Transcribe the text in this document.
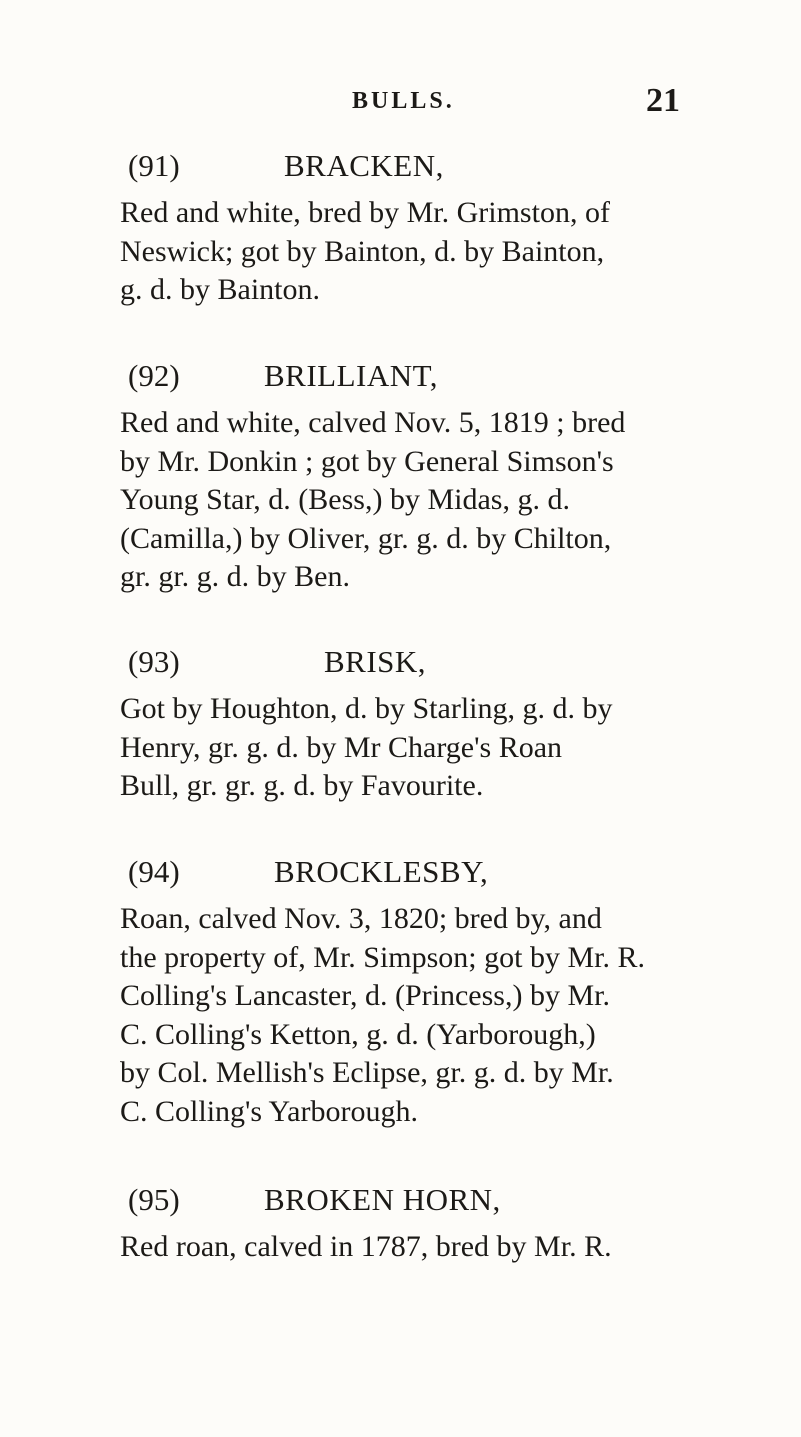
BULLS.	21
(91)	BRACKEN,

Red and white, bred by Mr. Grimston, of
Neswick; got by Bainton, d. by Bainton,
g. d. by Bainton.

(92)	BRILLIANT,

Red and white, calved Nov. 5, 1819 ; bred
by Mr. Donkin ; got by General Simson's
Young Star, d. (Bess,) by Midas, g. d.
(Camilla,) by Oliver, gr. g. d. by Chilton,
gr. gr. g. d. by Ben.

(93)	BRISK,

Got by Houghton, d. by Starling, g. d. by
Henry, gr. g. d. by Mr Charge's Roan
Bull, gr. gr. g. d. by Favourite.

(94)	BROCKLESBY,

Roan, calved Nov. 3, 1820; bred by, and
the property of, Mr. Simpson; got by Mr. R.
Colling's Lancaster, d. (Princess,) by Mr.
C. Colling's Ketton, g. d. (Yarborough,)
by Col. Mellish's Eclipse, gr. g. d. by Mr.
C. Colling's Yarborough.

(95)	BROKEN HORN,

Red roan, calved in 1787, bred by Mr. R.
